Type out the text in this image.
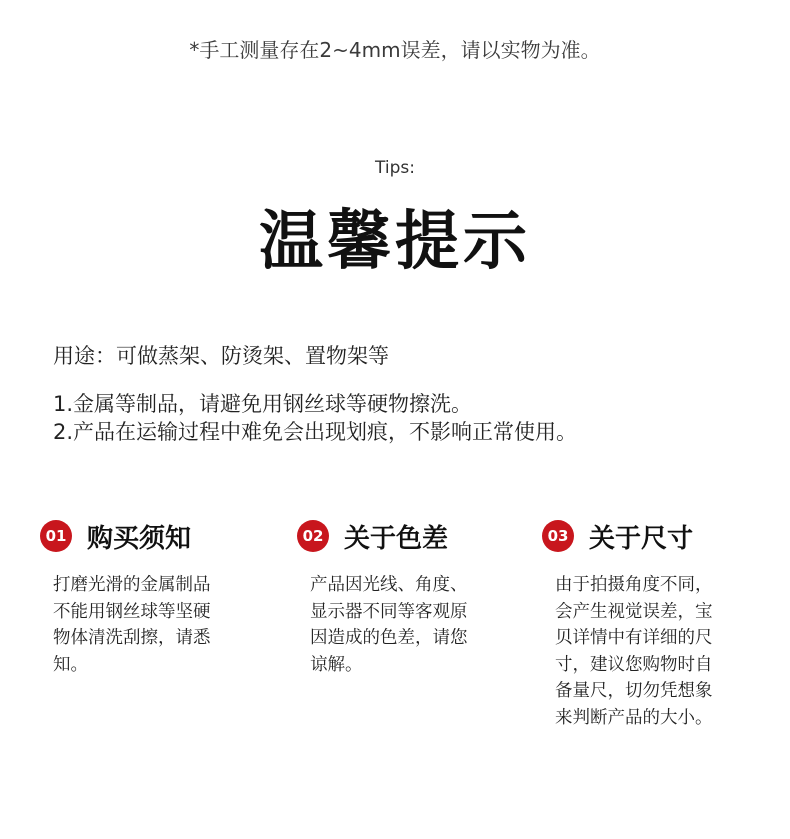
*手工测量存在2~4mm误差，请以实物为准。
Tips:
温馨提示
用途：可做蒸架、防烫架、置物架等
1.金属等制品，请避免用钢丝球等硬物擦洗。
2.产品在运输过程中难免会出现划痕，不影响正常使用。
01 购买须知
打磨光滑的金属制品
不能用钢丝球等坚硬
物体清洗刮擦，请悉
知。
02 关于色差
产品因光线、角度、
显示器不同等客观原
因造成的色差，请您
谅解。
03 关于尺寸
由于拍摄角度不同，
会产生视觉误差，宝
贝详情中有详细的尺
寸，建议您购物时自
备量尺，切勿凭想象
来判断产品的大小。
